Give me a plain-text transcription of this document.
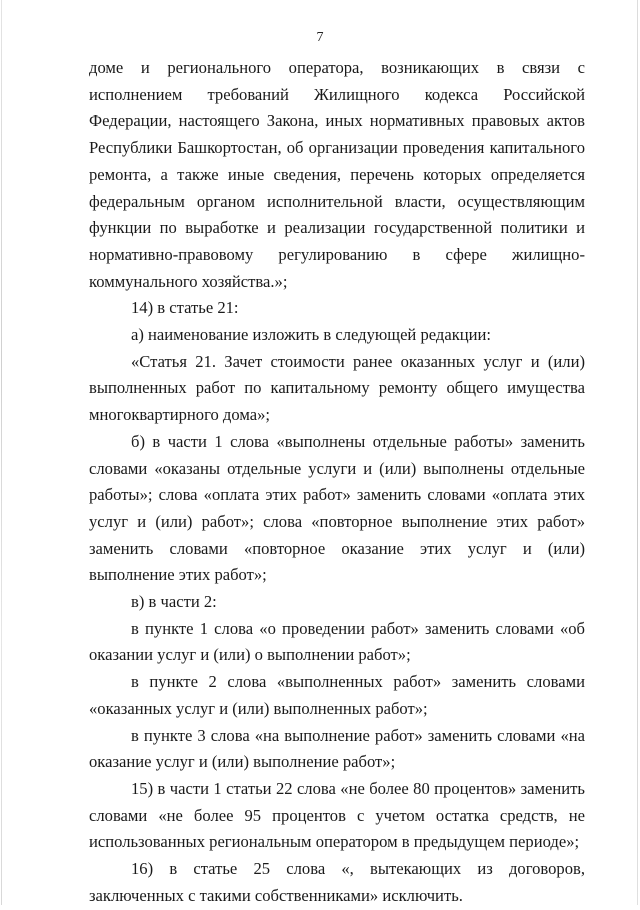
7

доме и регионального оператора, возникающих в связи с исполнением требований Жилищного кодекса Российской Федерации, настоящего Закона, иных нормативных правовых актов Республики Башкортостан, об организации проведения капитального ремонта, а также иные сведения, перечень которых определяется федеральным органом исполнительной власти, осуществляющим функции по выработке и реализации государственной политики и нормативно-правовому регулированию в сфере жилищно-коммунального хозяйства.»;

14) в статье 21:

а) наименование изложить в следующей редакции:

«Статья 21. Зачет стоимости ранее оказанных услуг и (или) выполненных работ по капитальному ремонту общего имущества многоквартирного дома»;

б) в части 1 слова «выполнены отдельные работы» заменить словами «оказаны отдельные услуги и (или) выполнены отдельные работы»; слова «оплата этих работ» заменить словами «оплата этих услуг и (или) работ»; слова «повторное выполнение этих работ» заменить словами «повторное оказание этих услуг и (или) выполнение этих работ»;

в) в части 2:

в пункте 1 слова «о проведении работ» заменить словами «об оказании услуг и (или) о выполнении работ»;

в пункте 2 слова «выполненных работ» заменить словами «оказанных услуг и (или) выполненных работ»;

в пункте 3 слова «на выполнение работ» заменить словами «на оказание услуг и (или) выполнение работ»;

15) в части 1 статьи 22 слова «не более 80 процентов» заменить словами «не более 95 процентов с учетом остатка средств, не использованных региональным оператором в предыдущем периоде»;

16) в статье 25 слова «, вытекающих из договоров, заключенных с такими собственниками» исключить.
